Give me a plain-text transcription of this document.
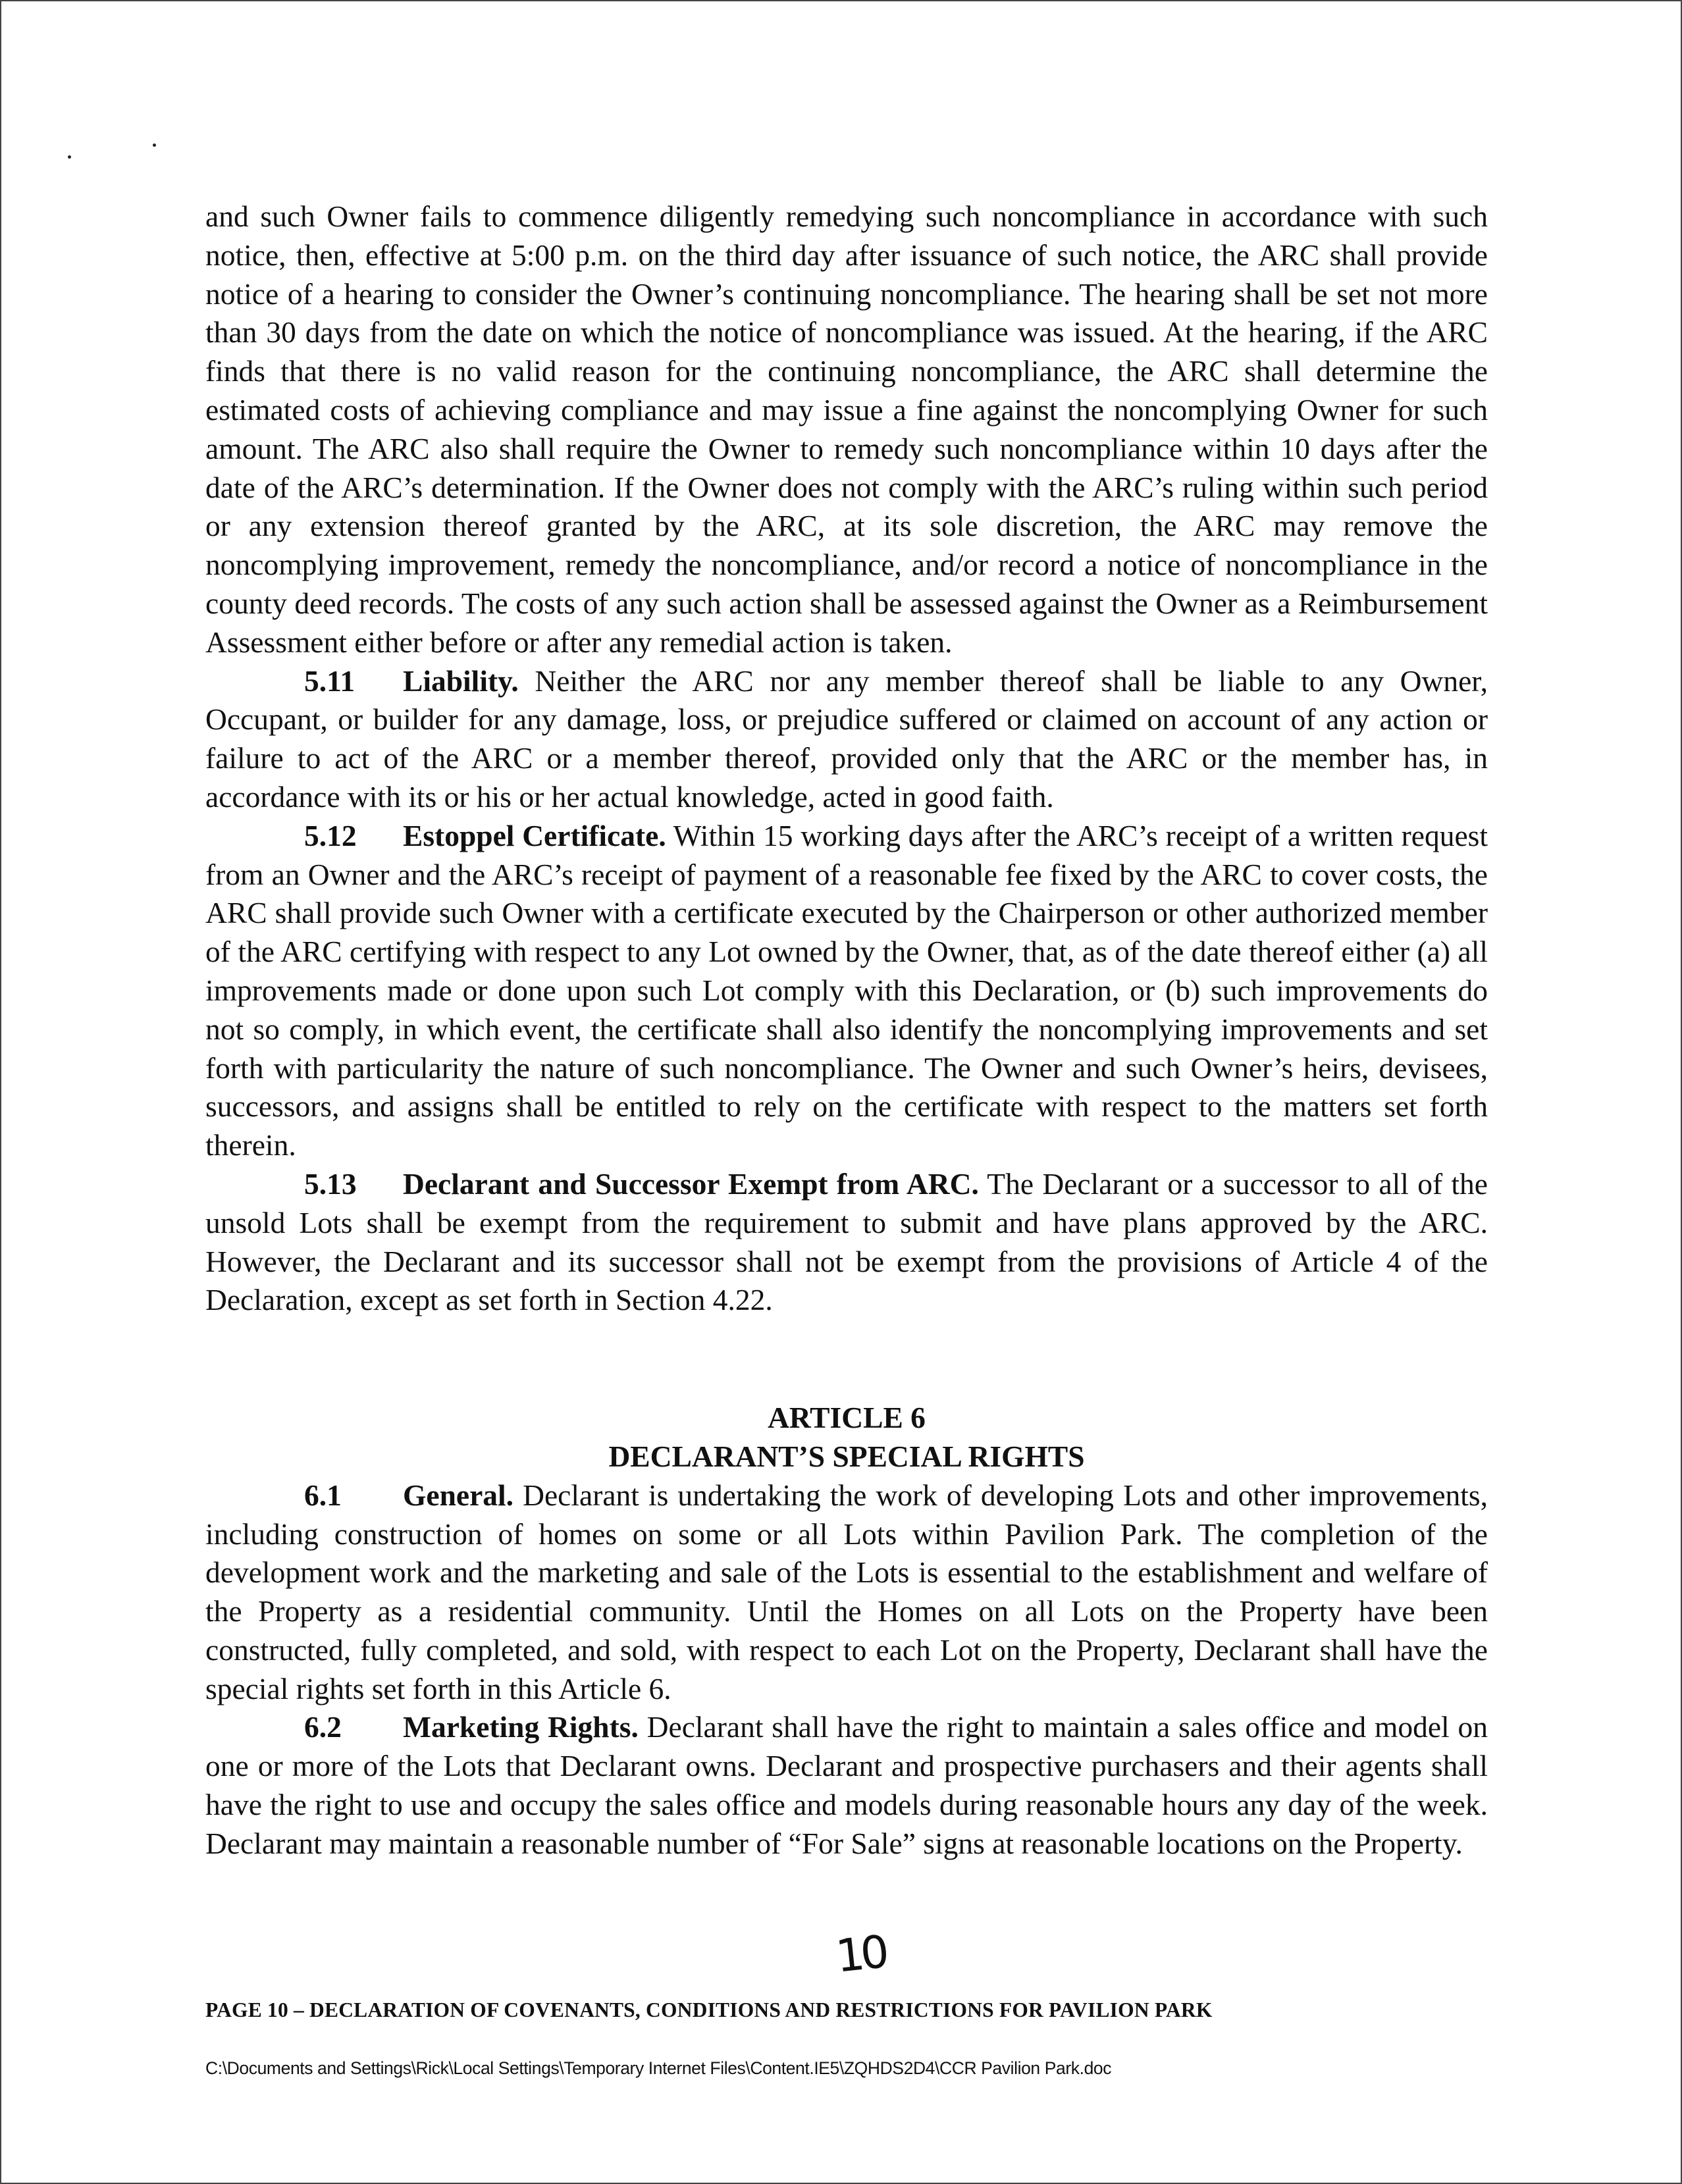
and such Owner fails to commence diligently remedying such noncompliance in accordance with such notice, then, effective at 5:00 p.m. on the third day after issuance of such notice, the ARC shall provide notice of a hearing to consider the Owner’s continuing noncompliance. The hearing shall be set not more than 30 days from the date on which the notice of noncompliance was issued. At the hearing, if the ARC finds that there is no valid reason for the continuing noncompliance, the ARC shall determine the estimated costs of achieving compliance and may issue a fine against the noncomplying Owner for such amount. The ARC also shall require the Owner to remedy such noncompliance within 10 days after the date of the ARC’s determination. If the Owner does not comply with the ARC’s ruling within such period or any extension thereof granted by the ARC, at its sole discretion, the ARC may remove the noncomplying improvement, remedy the noncompliance, and/or record a notice of noncompliance in the county deed records. The costs of any such action shall be assessed against the Owner as a Reimbursement Assessment either before or after any remedial action is taken.

5.11 Liability. Neither the ARC nor any member thereof shall be liable to any Owner, Occupant, or builder for any damage, loss, or prejudice suffered or claimed on account of any action or failure to act of the ARC or a member thereof, provided only that the ARC or the member has, in accordance with its or his or her actual knowledge, acted in good faith.

5.12 Estoppel Certificate. Within 15 working days after the ARC’s receipt of a written request from an Owner and the ARC’s receipt of payment of a reasonable fee fixed by the ARC to cover costs, the ARC shall provide such Owner with a certificate executed by the Chairperson or other authorized member of the ARC certifying with respect to any Lot owned by the Owner, that, as of the date thereof either (a) all improvements made or done upon such Lot comply with this Declaration, or (b) such improvements do not so comply, in which event, the certificate shall also identify the noncomplying improvements and set forth with particularity the nature of such noncompliance. The Owner and such Owner’s heirs, devisees, successors, and assigns shall be entitled to rely on the certificate with respect to the matters set forth therein.

5.13 Declarant and Successor Exempt from ARC. The Declarant or a successor to all of the unsold Lots shall be exempt from the requirement to submit and have plans approved by the ARC. However, the Declarant and its successor shall not be exempt from the provisions of Article 4 of the Declaration, except as set forth in Section 4.22.

ARTICLE 6
DECLARANT’S SPECIAL RIGHTS

6.1 General. Declarant is undertaking the work of developing Lots and other improvements, including construction of homes on some or all Lots within Pavilion Park. The completion of the development work and the marketing and sale of the Lots is essential to the establishment and welfare of the Property as a residential community. Until the Homes on all Lots on the Property have been constructed, fully completed, and sold, with respect to each Lot on the Property, Declarant shall have the special rights set forth in this Article 6.

6.2 Marketing Rights. Declarant shall have the right to maintain a sales office and model on one or more of the Lots that Declarant owns. Declarant and prospective purchasers and their agents shall have the right to use and occupy the sales office and models during reasonable hours any day of the week. Declarant may maintain a reasonable number of “For Sale” signs at reasonable locations on the Property.

10
PAGE 10 – DECLARATION OF COVENANTS, CONDITIONS AND RESTRICTIONS FOR PAVILION PARK
C:\Documents and Settings\Rick\Local Settings\Temporary Internet Files\Content.IE5\ZQHDS2D4\CCR Pavilion Park.doc
